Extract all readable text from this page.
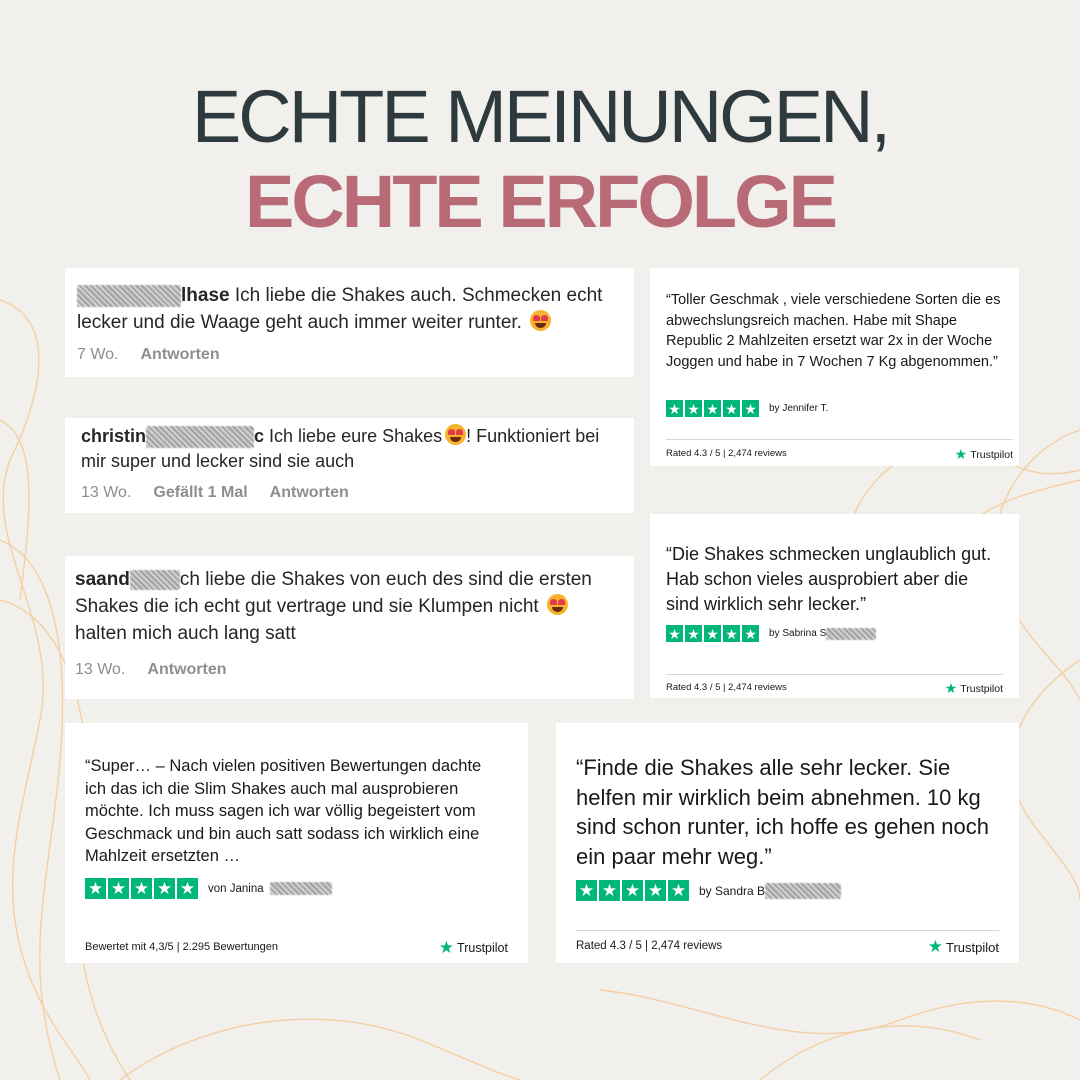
ECHTE MEINUNGEN,
ECHTE ERFOLGE
lhase Ich liebe die Shakes auch. Schmecken echt lecker und die Waage geht auch immer weiter runter.
7 Wo. Antworten
christin	c Ich liebe eure Shakes ! Funktioniert bei mir super und lecker sind sie auch
13 Wo. Gefällt 1 Mal Antworten
saand	ch liebe die Shakes von euch des sind die ersten Shakes die ich echt gut vertrage und sie Klumpen nicht
halten mich auch lang satt
13 Wo. Antworten
“Toller Geschmak , viele verschiedene Sorten die es abwechslungsreich machen. Habe mit Shape Republic 2 Mahlzeiten ersetzt war 2x in der Woche Joggen und habe in 7 Wochen 7 Kg abgenommen.”
★ ★ ★ ★ ★ by Jennifer T.
Rated 4.3 / 5 | 2,474 reviews	★ Trustpilot
“Die Shakes schmecken unglaublich gut. Hab schon vieles ausprobiert aber die sind wirklich sehr lecker.”
★ ★ ★ ★ ★ by Sabrina S
Rated 4.3 / 5 | 2,474 reviews	★ Trustpilot
“Super… – Nach vielen positiven Bewertungen dachte ich das ich die Slim Shakes auch mal ausprobieren möchte. Ich muss sagen ich war völlig begeistert vom Geschmack und bin auch satt sodass ich wirklich eine Mahlzeit ersetzten …
★ ★ ★ ★ ★ von Janina
Bewertet mit 4,3/5 | 2.295 Bewertungen	★ Trustpilot
“Finde die Shakes alle sehr lecker. Sie helfen mir wirklich beim abnehmen. 10 kg sind schon runter, ich hoffe es gehen noch ein paar mehr weg.”
★ ★ ★ ★ ★ by Sandra B
Rated 4.3 / 5 | 2,474 reviews	★ Trustpilot
